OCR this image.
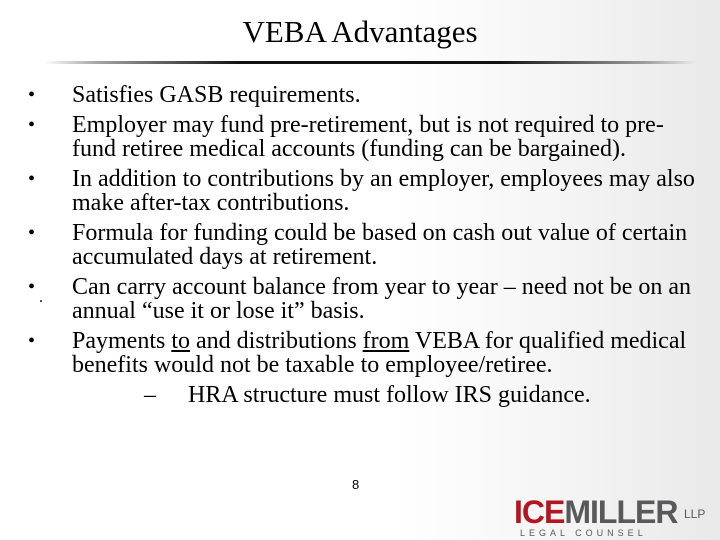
VEBA Advantages
• Satisfies GASB requirements.
• Employer may fund pre-retirement, but is not required to pre-fund retiree medical accounts (funding can be bargained).
• In addition to contributions by an employer, employees may also make after-tax contributions.
• Formula for funding could be based on cash out value of certain accumulated days at retirement.
• Can carry account balance from year to year – need not be on an annual “use it or lose it” basis.
• Payments to and distributions from VEBA for qualified medical benefits would not be taxable to employee/retiree.
– HRA structure must follow IRS guidance.
.
8
ICEMILLER LLP
LEGAL COUNSEL
